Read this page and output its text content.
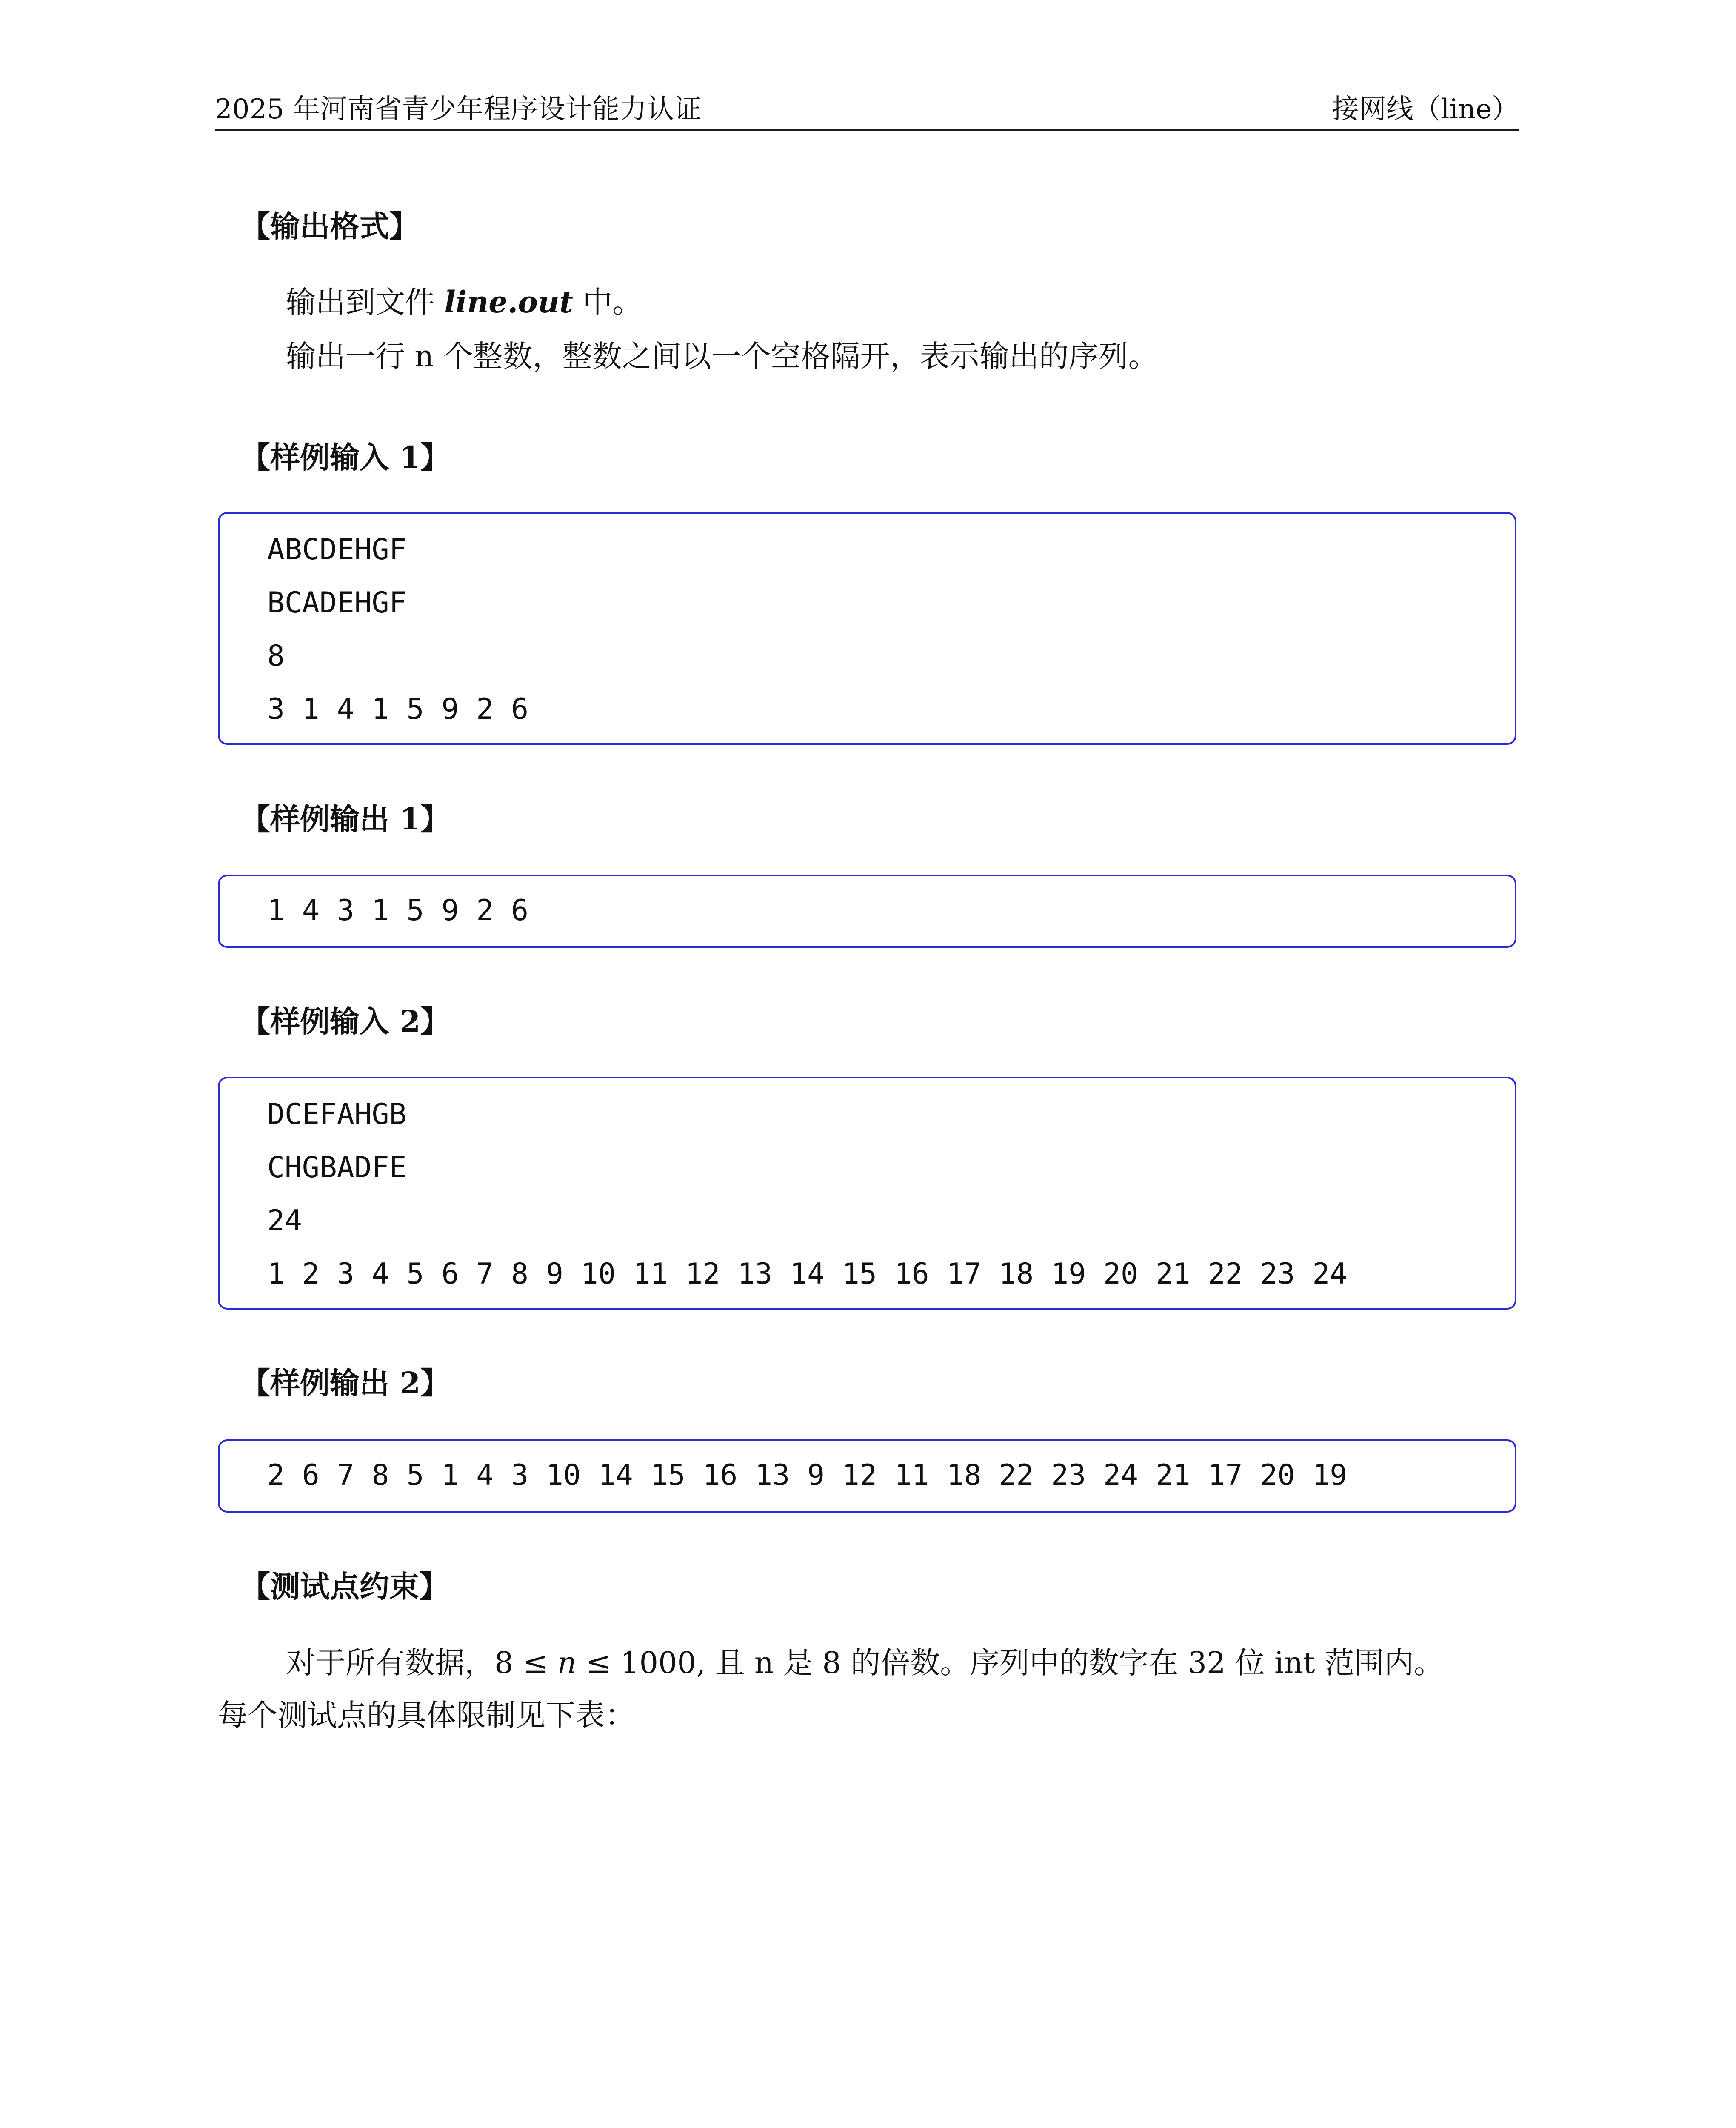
2025 年河南省青少年程序设计能力认证	接网线（line）
【输出格式】
输出到文件 line.out 中。
输出一行 n 个整数，整数之间以一个空格隔开，表示输出的序列。
【样例输入 1】
ABCDEHGF
BCADEHGF
8
3 1 4 1 5 9 2 6
【样例输出 1】
1 4 3 1 5 9 2 6
【样例输入 2】
DCEFAHGB
CHGBADFE
24
1 2 3 4 5 6 7 8 9 10 11 12 13 14 15 16 17 18 19 20 21 22 23 24
【样例输出 2】
2 6 7 8 5 1 4 3 10 14 15 16 13 9 12 11 18 22 23 24 21 17 20 19
【测试点约束】
对于所有数据，8 ≤ n ≤ 1000, 且 n 是 8 的倍数。序列中的数字在 32 位 int 范围内。
每个测试点的具体限制见下表：
